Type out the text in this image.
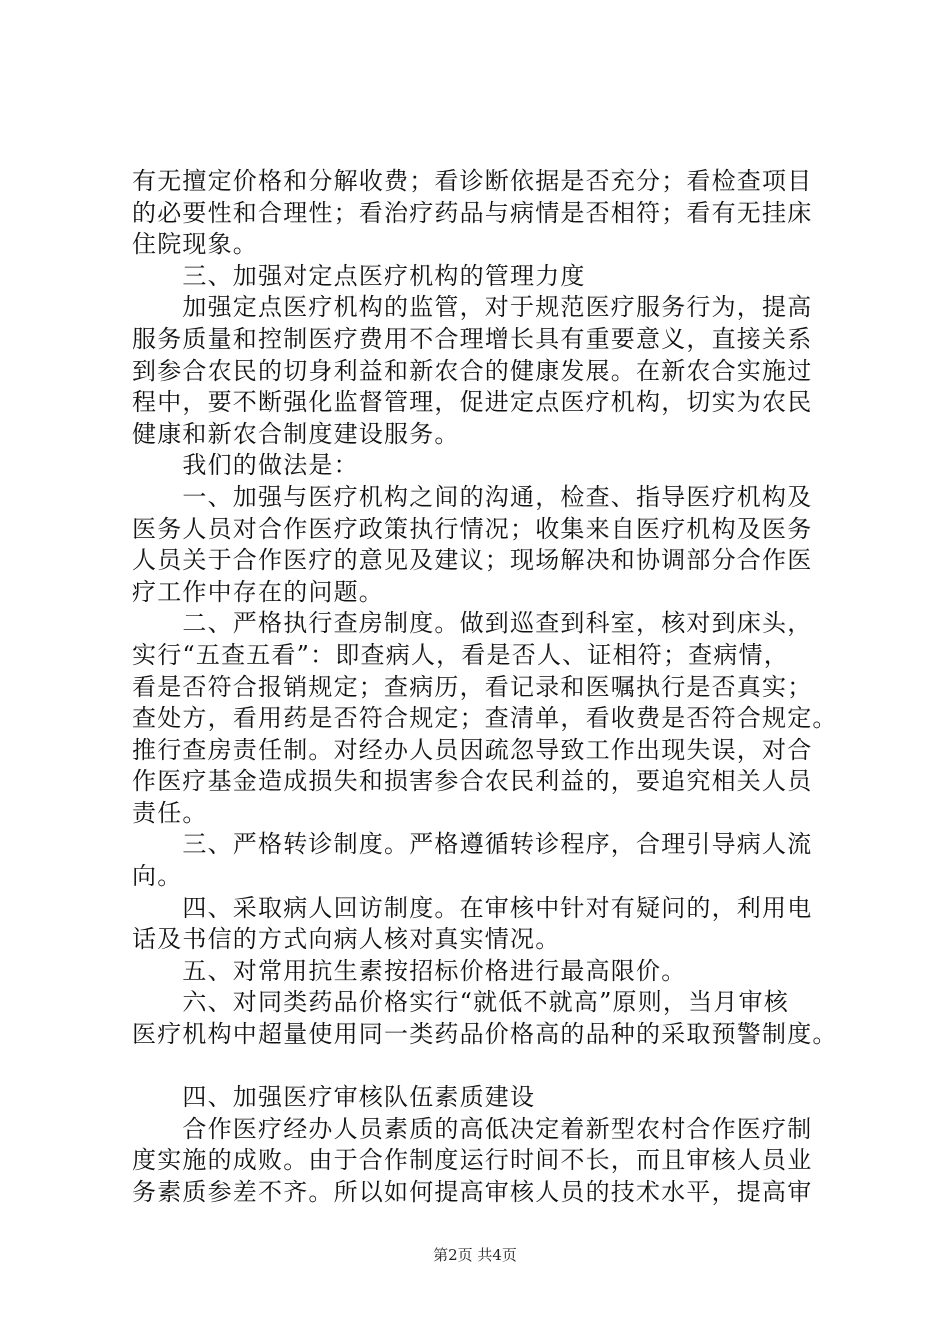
有无擅定价格和分解收费；看诊断依据是否充分；看检查项目
的必要性和合理性；看治疗药品与病情是否相符；看有无挂床
住院现象。
　　三、加强对定点医疗机构的管理力度
　　加强定点医疗机构的监管，对于规范医疗服务行为，提高
服务质量和控制医疗费用不合理增长具有重要意义，直接关系
到参合农民的切身利益和新农合的健康发展。在新农合实施过
程中，要不断强化监督管理，促进定点医疗机构，切实为农民
健康和新农合制度建设服务。
　　我们的做法是：
　　一、加强与医疗机构之间的沟通，检查、指导医疗机构及
医务人员对合作医疗政策执行情况；收集来自医疗机构及医务
人员关于合作医疗的意见及建议；现场解决和协调部分合作医
疗工作中存在的问题。
　　二、严格执行查房制度。做到巡查到科室，核对到床头，
实行“五查五看”：即查病人，看是否人、证相符；查病情，
看是否符合报销规定；查病历，看记录和医嘱执行是否真实；
查处方，看用药是否符合规定；查清单，看收费是否符合规定。
推行查房责任制。对经办人员因疏忽导致工作出现失误，对合
作医疗基金造成损失和损害参合农民利益的，要追究相关人员
责任。
　　三、严格转诊制度。严格遵循转诊程序，合理引导病人流
向。
　　四、采取病人回访制度。在审核中针对有疑问的，利用电
话及书信的方式向病人核对真实情况。
　　五、对常用抗生素按招标价格进行最高限价。
　　六、对同类药品价格实行“就低不就高”原则，当月审核
医疗机构中超量使用同一类药品价格高的品种的采取预警制度。
　　四、加强医疗审核队伍素质建设
　　合作医疗经办人员素质的高低决定着新型农村合作医疗制
度实施的成败。由于合作制度运行时间不长，而且审核人员业
务素质参差不齐。所以如何提高审核人员的技术水平，提高审
第2页 共4页
